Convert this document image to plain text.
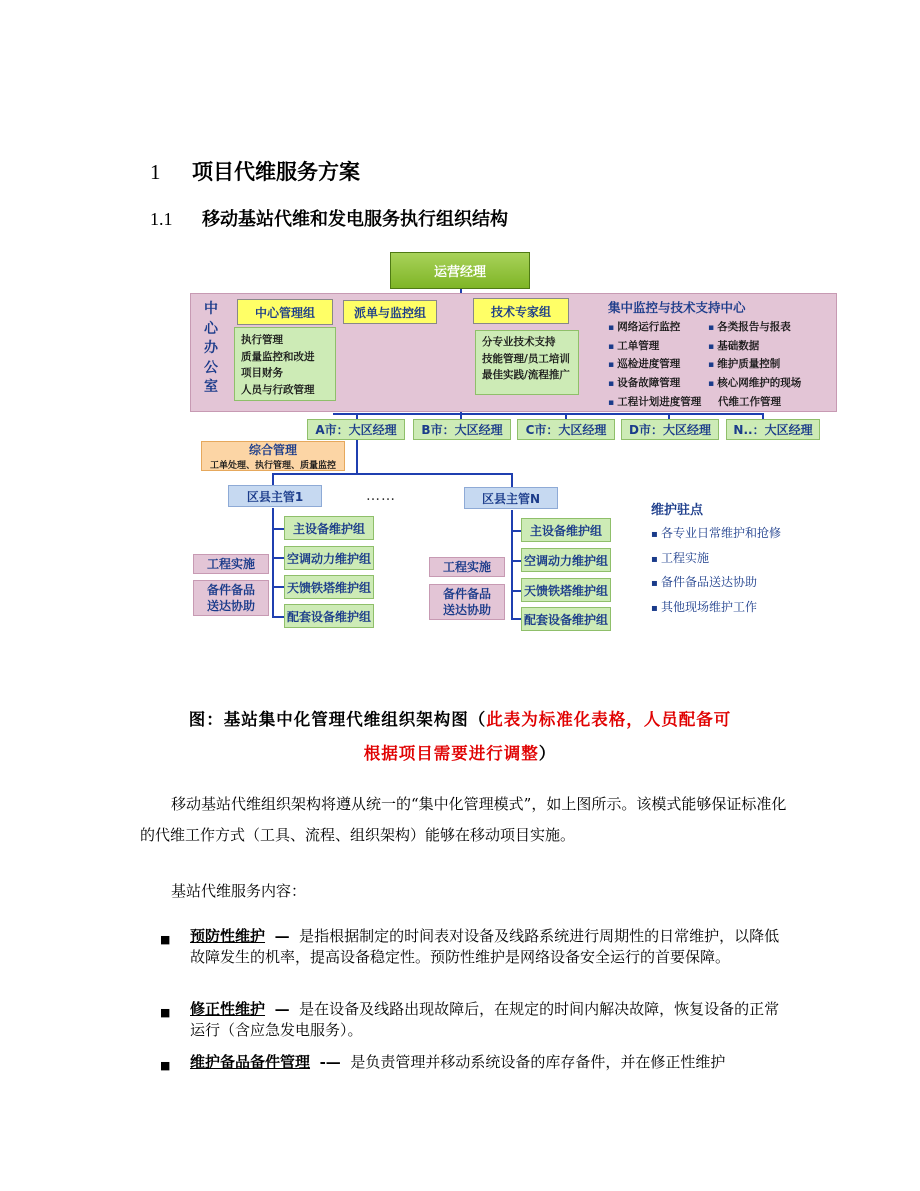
1 项目代维服务方案
1.1 移动基站代维和发电服务执行组织结构
运营经理
中
心
办
公
室
中心管理组
执行管理
质量监控和改进
项目财务
人员与行政管理
派单与监控组	技术专家组
分专业技术支持
技能管理/员工培训
最佳实践/流程推广
集中监控与技术支持中心
▪ 网络运行监控
▪ 工单管理
▪ 巡检进度管理
▪ 设备故障管理
▪ 工程计划进度管理
▪ 各类报告与报表
▪ 基础数据
▪ 维护质量控制
▪ 核心网维护的现场
代维工作管理
A市：大区经理 B市：大区经理 C市：大区经理 D市：大区经理 N..：大区经理
综合管理
工单处理、执行管理、质量监控
区县主管1	……	区县主管N
主设备维护组
空调动力维护组
天馈铁塔维护组
配套设备维护组
工程实施
备件备品
送达协助
主设备维护组
空调动力维护组
天馈铁塔维护组
配套设备维护组
工程实施
备件备品
送达协助
维护驻点
▪ 各专业日常维护和抢修
▪ 工程实施
▪ 备件备品送达协助
▪ 其他现场维护工作
图：基站集中化管理代维组织架构图（此表为标准化表格，人员配备可
根据项目需要进行调整）
移动基站代维组织架构将遵从统一的“集中化管理模式”，如上图所示。该模式能够保证标准化的代维工作方式（工具、流程、组织架构）能够在移动项目实施。
基站代维服务内容：
■	预防性维护 — 是指根据制定的时间表对设备及线路系统进行周期性的日常维护，以降低故障发生的机率，提高设备稳定性。预防性维护是网络设备安全运行的首要保障。
■	修正性维护 — 是在设备及线路出现故障后，在规定的时间内解决故障，恢复设备的正常运行（含应急发电服务）。
■	维护备品备件管理 -— 是负责管理并移动系统设备的库存备件，并在修正性维护
